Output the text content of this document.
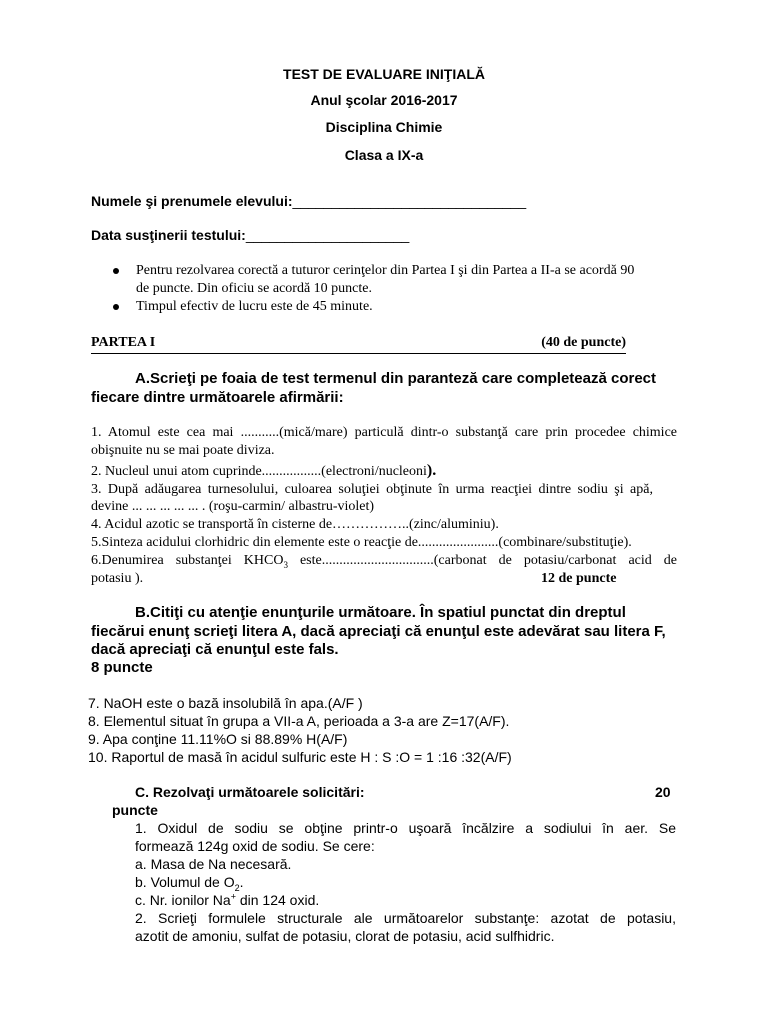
TEST DE EVALUARE INIŢIALĂ
Anul şcolar 2016-2017
Disciplina Chimie
Clasa a IX-a
Numele şi prenumele elevului:______________________________
Data susţinerii testului:_____________________
Pentru rezolvarea corectă a tuturor cerinţelor din Partea I şi din Partea a II-a se acordă 90
de puncte. Din oficiu se acordă 10 puncte.
Timpul efectiv de lucru este de 45 minute.
PARTEA I	(40 de puncte)
A.Scrieţi pe foaia de test termenul din paranteză care completează corect
fiecare dintre următoarele afirmării:
1. Atomul este cea mai ...........(mică/mare) particulă dintr-o substanţă care prin procedee chimice
obişnuite nu se mai poate diviza.
2. Nucleul unui atom cuprinde.................(electroni/nucleoni).
3. După adăugarea turnesolului, culoarea soluţiei obţinute în urma reacţiei dintre sodiu şi apă,
devine ... ... ... ... ... . (roşu-carmin/ albastru-violet)
4. Acidul azotic se transportă în cisterne de……………..(zinc/aluminiu).
5.Sinteza acidului clorhidric din elemente este o reacţie de.......................(combinare/substituţie).
6.Denumirea substanţei $KHCO_3$ este................................(carbonat de potasiu/carbonat acid de
potasiu ).	12 de puncte
B.Citiţi cu atenţie enunţurile următoare. În spatiul punctat din dreptul
fiecărui enunţ scrieţi litera A, dacă apreciaţi că enunţul este adevărat sau litera F,
dacă apreciaţi că enunţul este fals.
8 puncte
7. NaOH este o bază insolubilă în apa.(A/F )
8. Elementul situat în grupa a VII-a A, perioada a 3-a are Z=17(A/F).
9. Apa conţine 11.11%O si 88.89% H(A/F)
10. Raportul de masă în acidul sulfuric este H : S :O = 1 :16 :32(A/F)
C. Rezolvaţi următoarele solicitări:	20
puncte
1. Oxidul de sodiu se obţine printr-o uşoară încălzire a sodiului în aer. Se
formează 124g oxid de sodiu. Se cere:
a. Masa de Na necesară.
b. Volumul de $O_2$.
c. Nr. ionilor Na+ din 124 oxid.
2. Scrieţi formulele structurale ale următoarelor substanţe: azotat de potasiu,
azotit de amoniu, sulfat de potasiu, clorat de potasiu, acid sulfhidric.
